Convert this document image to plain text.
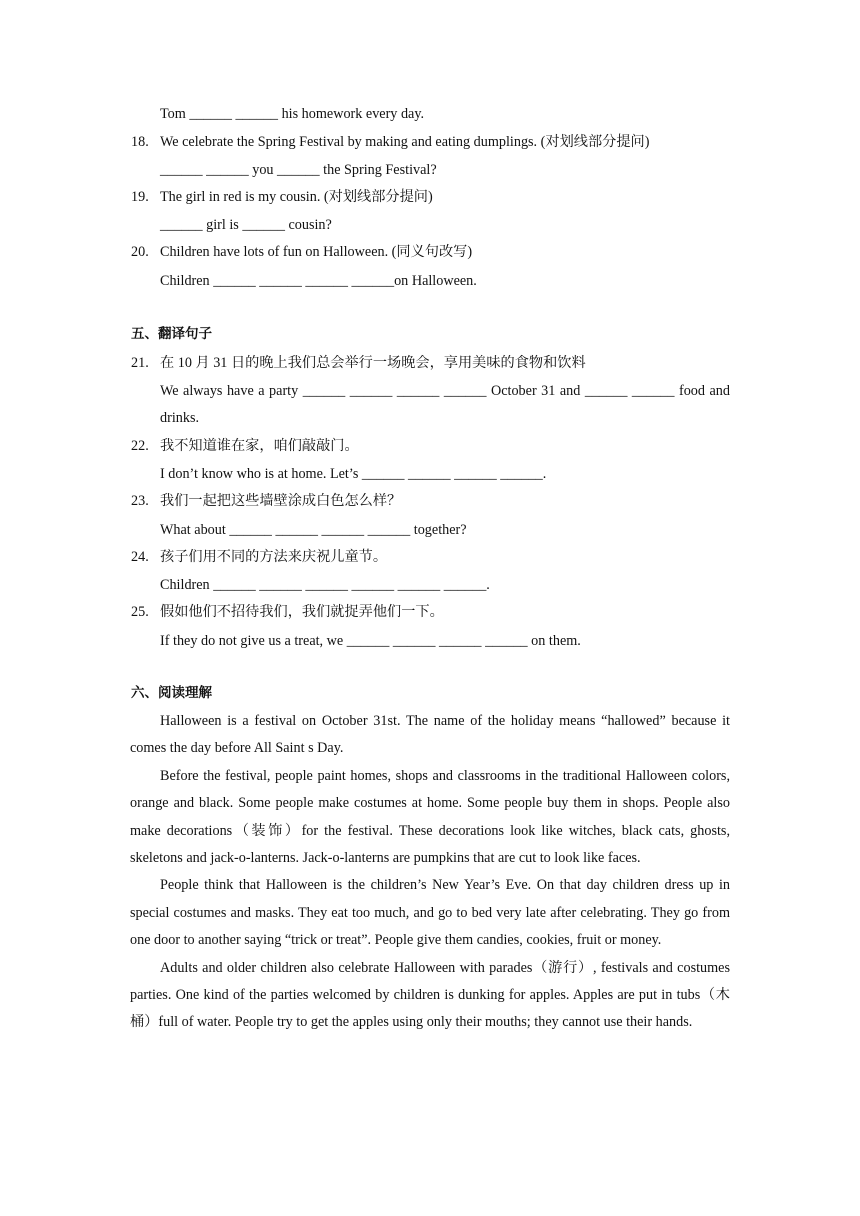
Tom ______ ______ his homework every day.
18. We celebrate the Spring Festival by making and eating dumplings. (对划线部分提问)
______ ______ you ______ the Spring Festival?
19. The girl in red is my cousin. (对划线部分提问)
______ girl is ______ cousin?
20. Children have lots of fun on Halloween. (同义句改写)
Children ______ ______ ______ ______on Halloween.
五、翻译句子
21. 在 10 月 31 日的晚上我们总会举行一场晚会，享用美味的食物和饮料
We always have a party ______ ______ ______ ______ October 31 and ______ ______ food and drinks.
22. 我不知道谁在家，咱们敲敲门。
I don’t know who is at home. Let’s ______ ______ ______ ______.
23. 我们一起把这些墙壁涂成白色怎么样？
What about ______ ______ ______ ______ together?
24. 孩子们用不同的方法来庆祝儿童节。
Children ______ ______ ______ ______ ______ ______.
25. 假如他们不招待我们，我们就捉弄他们一下。
If they do not give us a treat, we ______ ______ ______ ______ on them.
六、阅读理解

Halloween is a festival on October 31st. The name of the holiday means “hallowed” because it comes the day before All Saint s Day.

Before the festival, people paint homes, shops and classrooms in the traditional Halloween colors, orange and black. Some people make costumes at home. Some people buy them in shops. People also make decorations（装饰）for the festival. These decorations look like witches, black cats, ghosts, skeletons and jack-o-lanterns. Jack-o-lanterns are pumpkins that are cut to look like faces.

People think that Halloween is the children’s New Year’s Eve. On that day children dress up in special costumes and masks. They eat too much, and go to bed very late after celebrating. They go from one door to another saying “trick or treat”. People give them candies, cookies, fruit or money.

Adults and older children also celebrate Halloween with parades（游行）, festivals and costumes parties. One kind of the parties welcomed by children is dunking for apples. Apples are put in tubs（木桶）full of water. People try to get the apples using only their mouths; they cannot use their hands.
